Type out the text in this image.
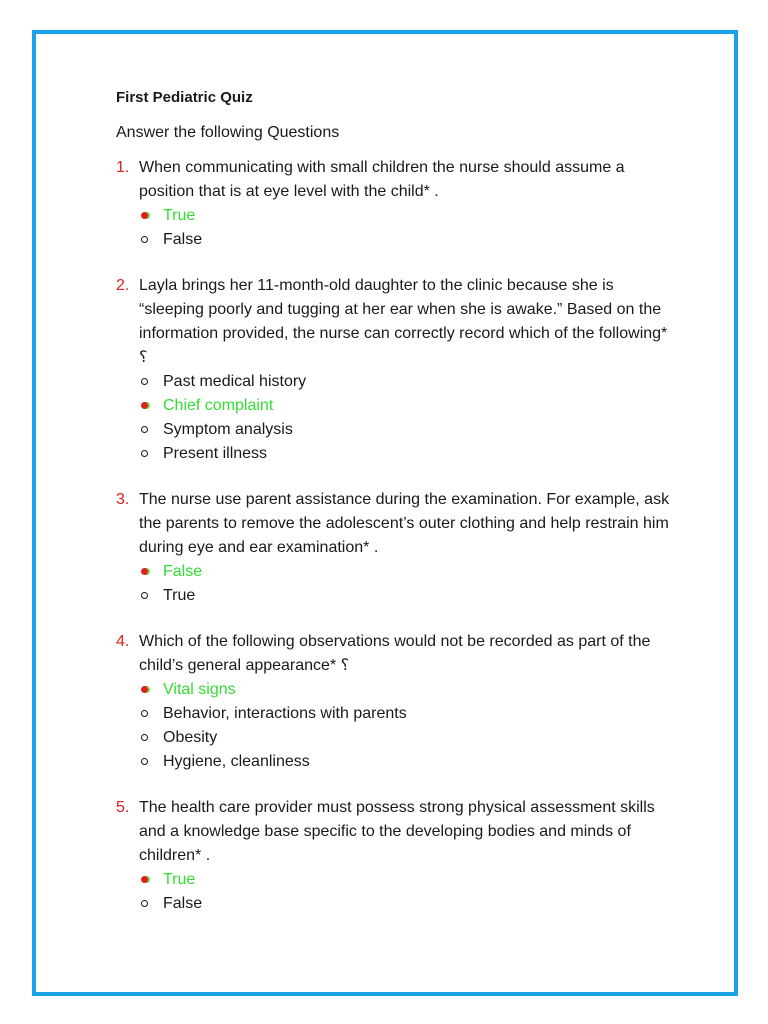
First Pediatric Quiz
Answer the following Questions
1. When communicating with small children the nurse should assume a position that is at eye level with the child* .
True
False
2. Layla brings her 11-month-old daughter to the clinic because she is “sleeping poorly and tugging at her ear when she is awake.” Based on the information provided, the nurse can correctly record which of the following* ؟
Past medical history
Chief complaint
Symptom analysis
Present illness
3. The nurse use parent assistance during the examination. For example, ask the parents to remove the adolescent’s outer clothing and help restrain him during eye and ear examination* .
False
True
4. Which of the following observations would not be recorded as part of the child’s general appearance* ؟
Vital signs
Behavior, interactions with parents
Obesity
Hygiene, cleanliness
5. The health care provider must possess strong physical assessment skills and a knowledge base specific to the developing bodies and minds of children* .
True
False
